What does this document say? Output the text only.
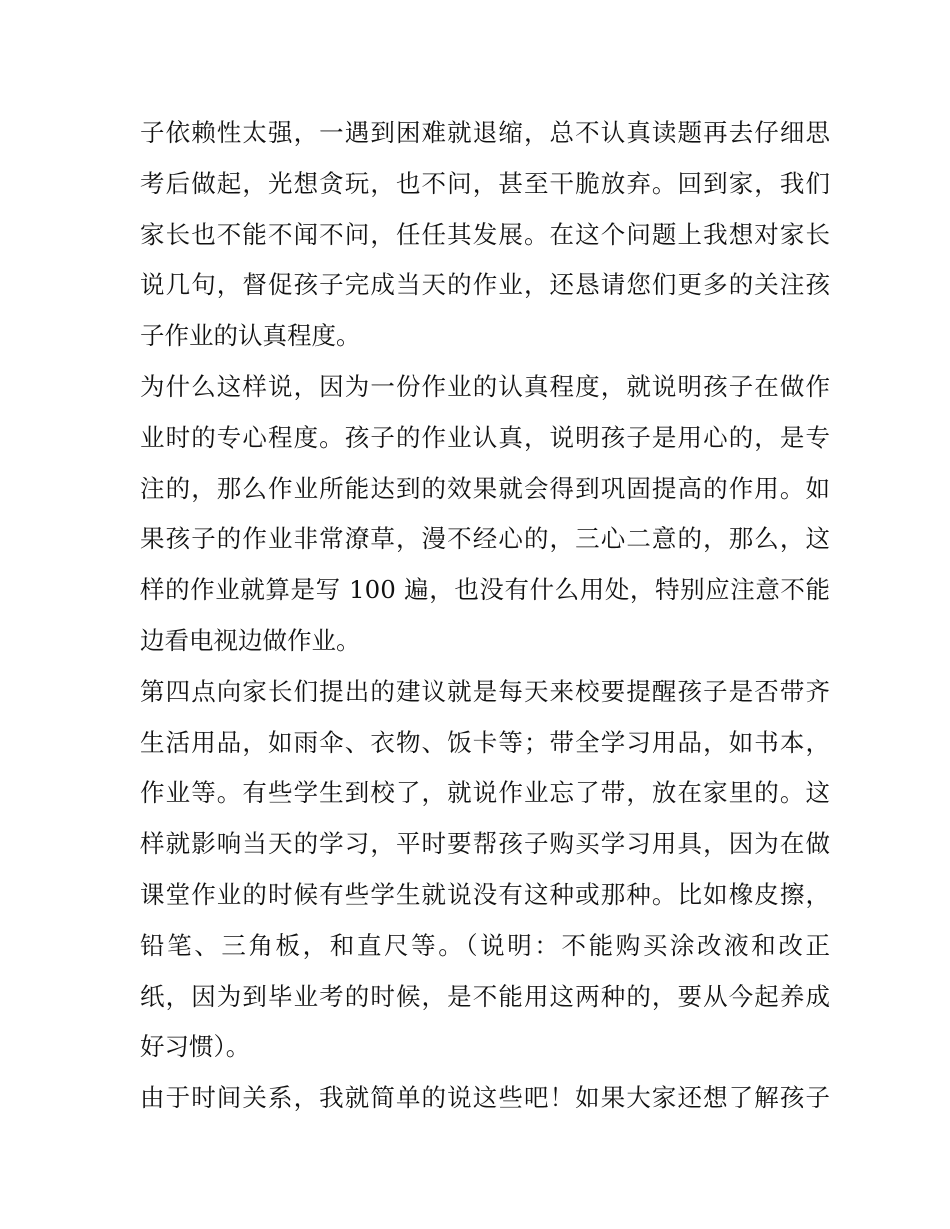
子依赖性太强，一遇到困难就退缩，总不认真读题再去仔细思
考后做起，光想贪玩，也不问，甚至干脆放弃。回到家，我们
家长也不能不闻不问，任任其发展。在这个问题上我想对家长
说几句，督促孩子完成当天的作业，还恳请您们更多的关注孩
子作业的认真程度。
为什么这样说，因为一份作业的认真程度，就说明孩子在做作
业时的专心程度。孩子的作业认真，说明孩子是用心的，是专
注的，那么作业所能达到的效果就会得到巩固提高的作用。如
果孩子的作业非常潦草，漫不经心的，三心二意的，那么，这
样的作业就算是写 100 遍，也没有什么用处，特别应注意不能
边看电视边做作业。
第四点向家长们提出的建议就是每天来校要提醒孩子是否带齐
生活用品，如雨伞、衣物、饭卡等；带全学习用品，如书本，
作业等。有些学生到校了，就说作业忘了带，放在家里的。这
样就影响当天的学习，平时要帮孩子购买学习用具，因为在做
课堂作业的时候有些学生就说没有这种或那种。比如橡皮擦，
铅笔、三角板，和直尺等。（说明：不能购买涂改液和改正
纸，因为到毕业考的时候，是不能用这两种的，要从今起养成
好习惯）。
由于时间关系，我就简单的说这些吧！如果大家还想了解孩子
